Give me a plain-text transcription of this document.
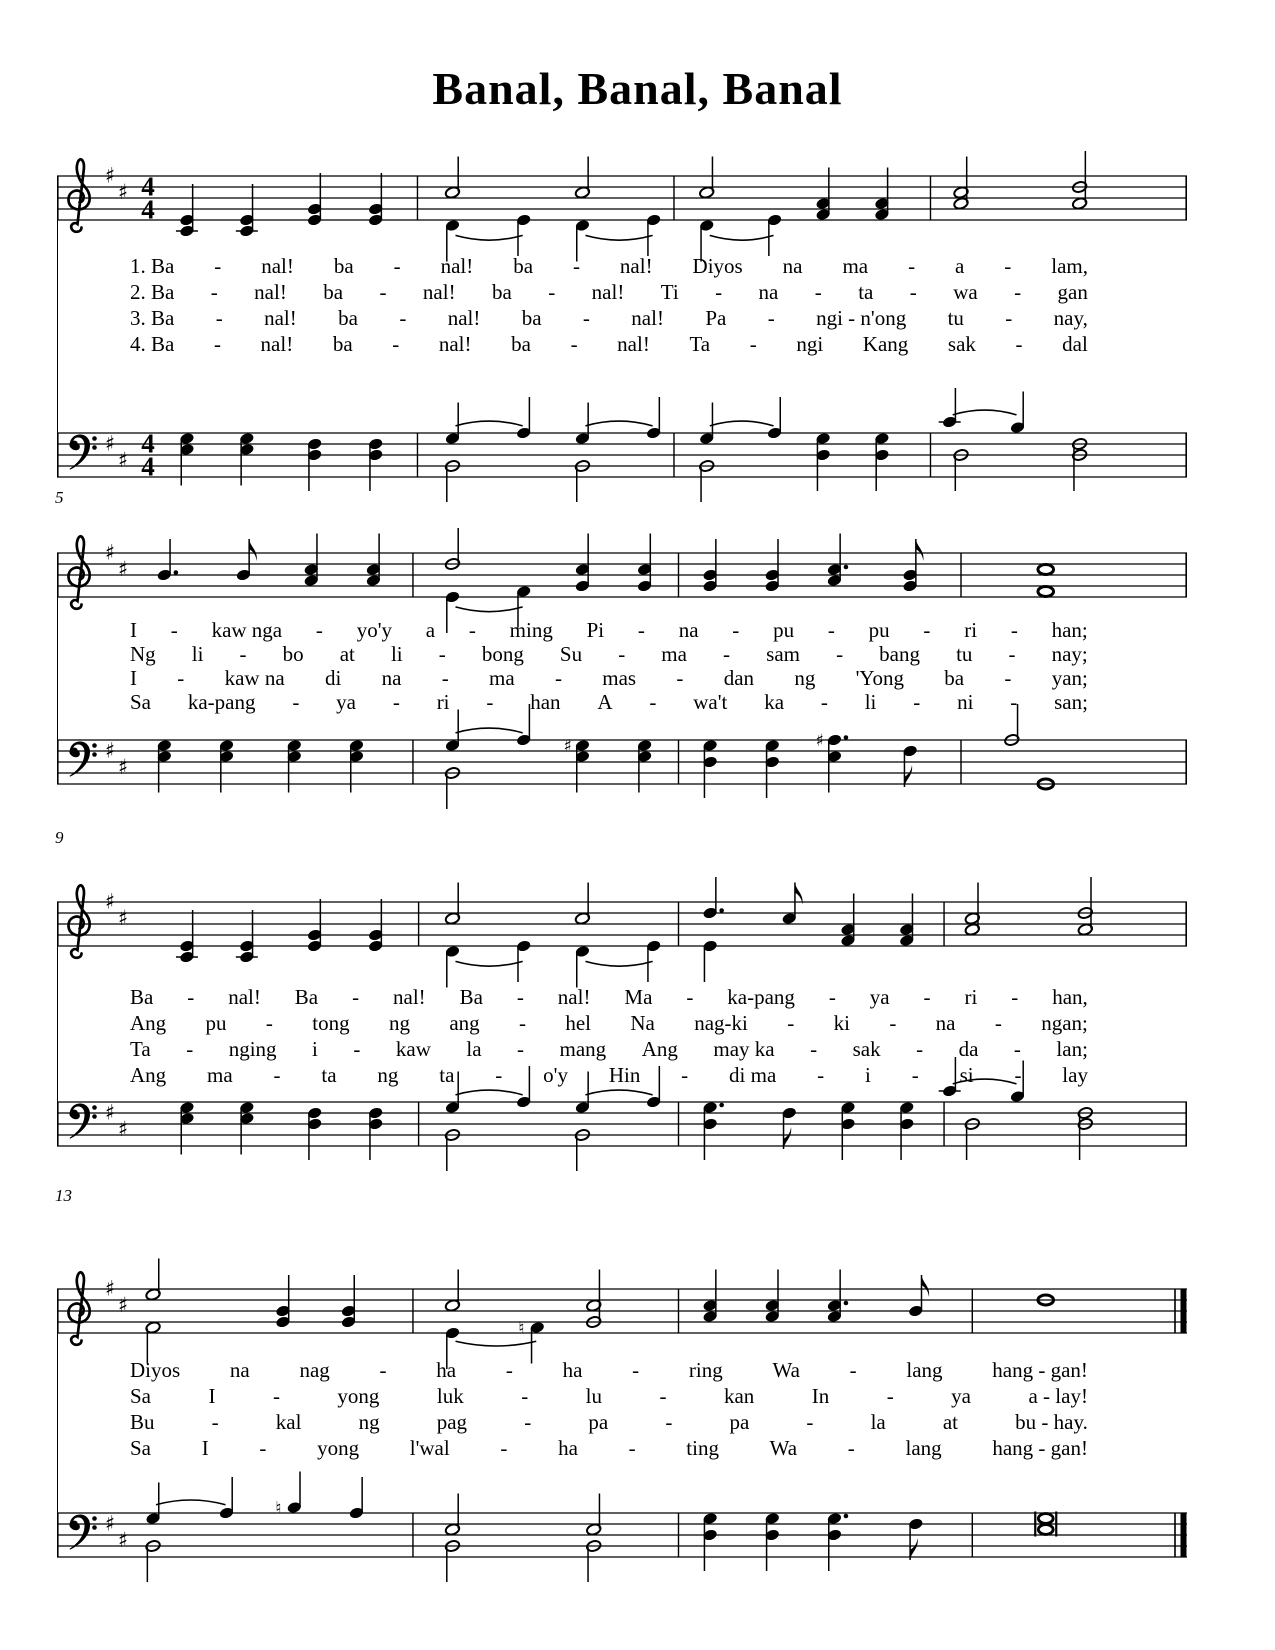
Banal, Banal, Banal
♯
♯ 4
4
1. Ba - nal! ba - nal! ba - nal! Diyos na ma - a - lam,
2. Ba - nal! ba - nal! ba - nal! Ti - na - ta - wa - gan
3. Ba - nal! ba - nal! ba - nal! Pa - ngi - n'ong tu - nay,
4. Ba - nal! ba - nal! ba - nal! Ta - ngi Kang sak - dal
♯
♯
4
4
5
♯
♯
I - kaw nga - yo'y a - ming Pi - na - pu - pu - ri - han;
Ng li - bo at li - bong Su - ma - sam - bang tu - nay;
I - kaw na di na - ma - mas - dan ng 'Yong ba - yan;
Sa ka-pang - ya - ri - han A - wa't ka - li - ni - san;
♯
♯
♯	♯
9
♯
♯
Ba - nal! Ba - nal! Ba - nal! Ma - ka-pang - ya - ri - han,
Ang pu - tong ng ang - hel Na nag-ki - ki - na - ngan;
Ta - nging i - kaw la - mang Ang may ka - sak - da - lan;
Ang ma - ta ng ta - o'y Hin - di ma - i - si - lay
♯
♯
13
♯
♯
♮
Diyos na nag - ha - ha - ring Wa - lang hang - gan!
Sa	I	-	yong	luk	-	lu	-	kan	In	-	ya	a - lay!
Bu	-	kal	ng	pag	-	pa	-	pa	-	la	at	bu - hay.
Sa I - yong l'wal - ha - ting Wa - lang hang - gan!
♯
♯
♮
